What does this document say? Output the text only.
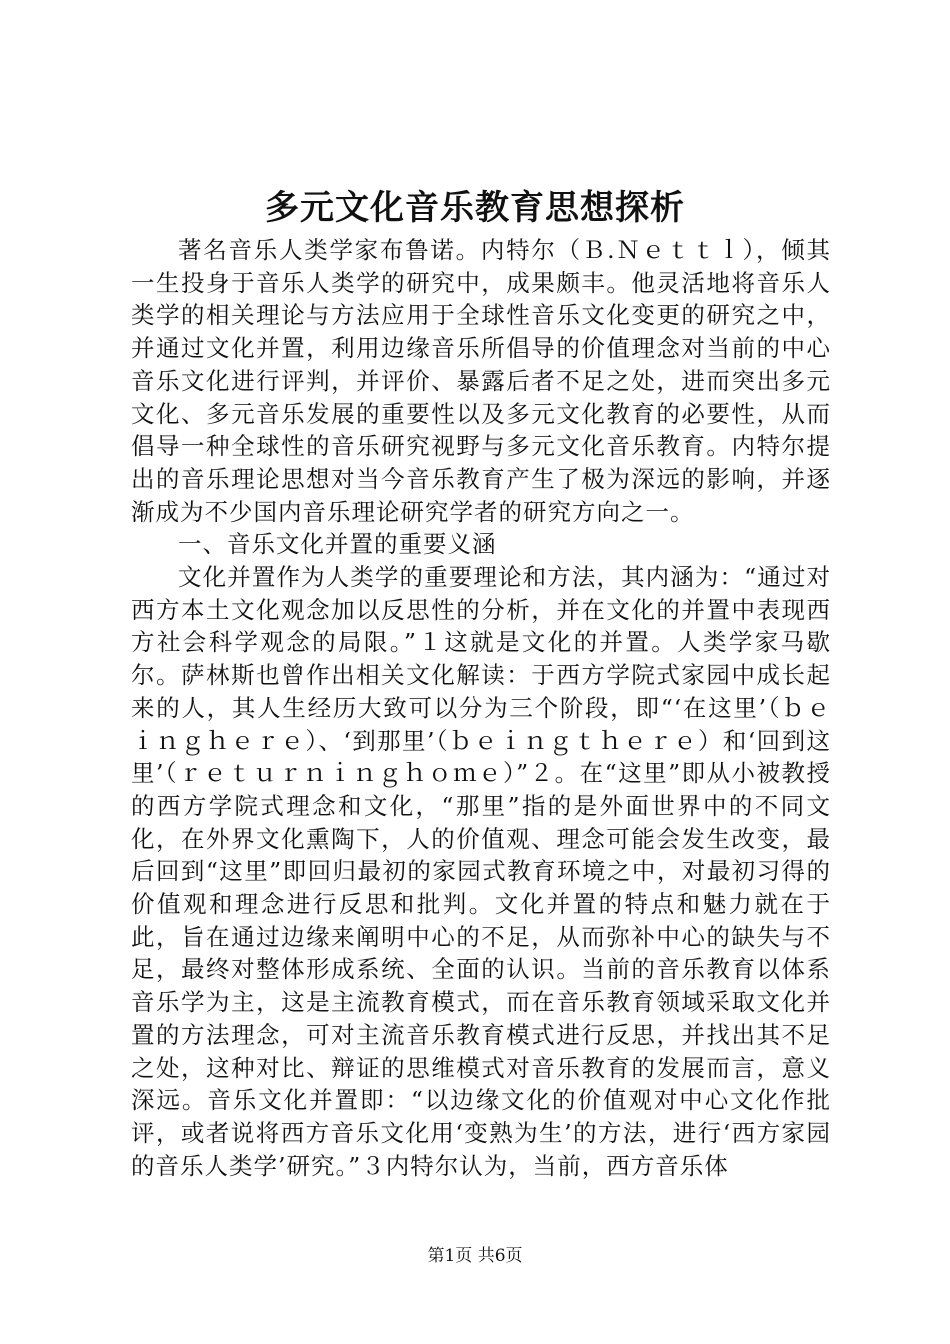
多元文化音乐教育思想探析

著名音乐人类学家布鲁诺。内特尔（Ｂ.Ｎｅｔｔｌ），倾其一生投身于音乐人类学的研究中，成果颇丰。他灵活地将音乐人类学的相关理论与方法应用于全球性音乐文化变更的研究之中，并通过文化并置，利用边缘音乐所倡导的价值理念对当前的中心音乐文化进行评判，并评价、暴露后者不足之处，进而突出多元文化、多元音乐发展的重要性以及多元文化教育的必要性，从而倡导一种全球性的音乐研究视野与多元文化音乐教育。内特尔提出的音乐理论思想对当今音乐教育产生了极为深远的影响，并逐渐成为不少国内音乐理论研究学者的研究方向之一。

一、音乐文化并置的重要义涵

文化并置作为人类学的重要理论和方法，其内涵为：“通过对西方本土文化观念加以反思性的分析，并在文化的并置中表现西方社会科学观念的局限。”１这就是文化的并置。人类学家马歇尔。萨林斯也曾作出相关文化解读：于西方学院式家园中成长起来的人，其人生经历大致可以分为三个阶段，即“‘在这里’（ｂｅｉｎｇｈｅｒｅ）、‘到那里’（ｂｅｉｎｇｔｈｅｒｅ）和‘回到这里’（ｒｅｔｕｒｎｉｎｇｈｏｍｅ）”２。在“这里”即从小被教授的西方学院式理念和文化，“那里”指的是外面世界中的不同文化，在外界文化熏陶下，人的价值观、理念可能会发生改变，最后回到“这里”即回归最初的家园式教育环境之中，对最初习得的价值观和理念进行反思和批判。文化并置的特点和魅力就在于此，旨在通过边缘来阐明中心的不足，从而弥补中心的缺失与不足，最终对整体形成系统、全面的认识。当前的音乐教育以体系音乐学为主，这是主流教育模式，而在音乐教育领域采取文化并置的方法理念，可对主流音乐教育模式进行反思，并找出其不足之处，这种对比、辩证的思维模式对音乐教育的发展而言，意义深远。音乐文化并置即：“以边缘文化的价值观对中心文化作批评，或者说将西方音乐文化用‘变熟为生’的方法，进行‘西方家园的音乐人类学’研究。”３内特尔认为，当前，西方音乐体

第1页 共6页
